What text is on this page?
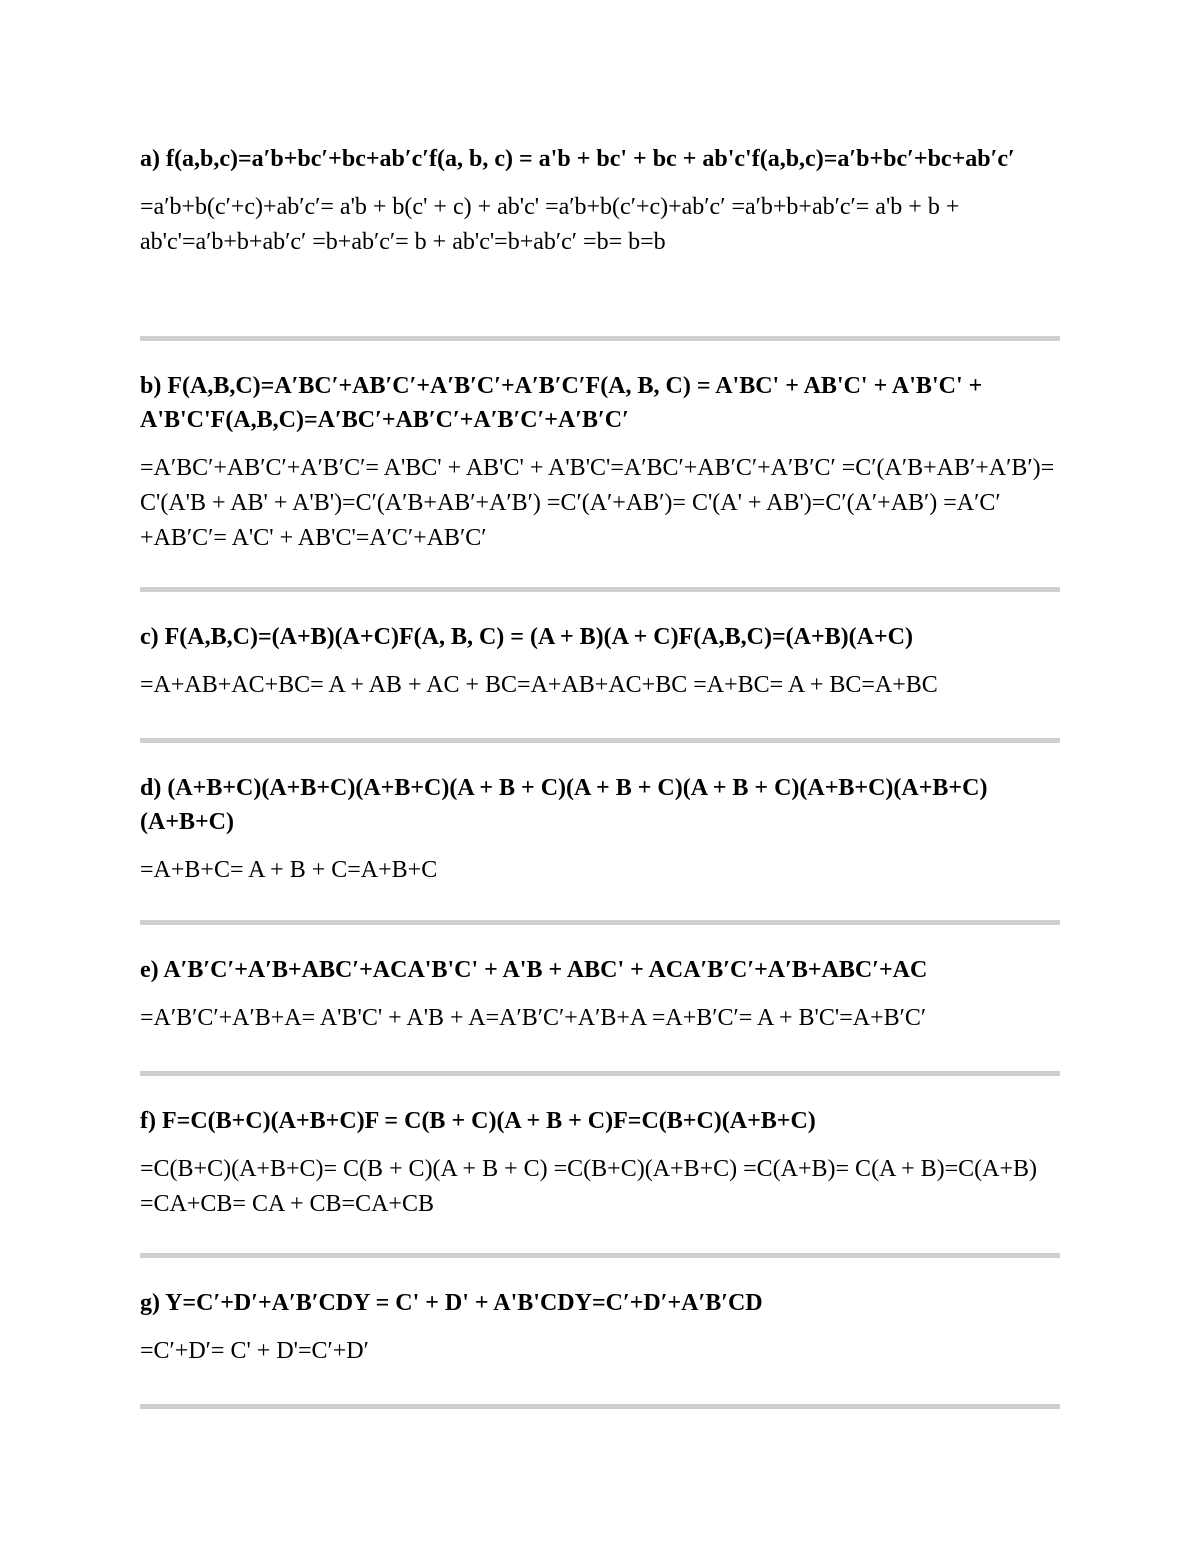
a) f(a,b,c)=a′b+bc′+bc+ab′c′f(a, b, c) = a'b + bc' + bc + ab'c'f(a,b,c)=a′b+bc′+bc+ab′c′

=a′b+b(c′+c)+ab′c′= a'b + b(c' + c) + ab'c' =a′b+b(c′+c)+ab′c′ =a′b+b+ab′c′= a'b + b + ab'c'=a′b+b+ab′c′ =b+ab′c′= b + ab'c'=b+ab′c′ =b= b=b

b) F(A,B,C)=A′BC′+AB′C′+A′B′C′+A′B′C′F(A, B, C) = A'BC' + AB'C' + A'B'C' + A'B'C'F(A,B,C)=A′BC′+AB′C′+A′B′C′+A′B′C′

=A′BC′+AB′C′+A′B′C′= A'BC' + AB'C' + A'B'C'=A′BC′+AB′C′+A′B′C′ =C′(A′B+AB′+A′B′)= C'(A'B + AB' + A'B')=C′(A′B+AB′+A′B′) =C′(A′+AB′)= C'(A' + AB')=C′(A′+AB′) =A′C′+AB′C′= A'C' + AB'C'=A′C′+AB′C′

c) F(A,B,C)=(A+B)(A+C)F(A, B, C) = (A + B)(A + C)F(A,B,C)=(A+B)(A+C)

=A+AB+AC+BC= A + AB + AC + BC=A+AB+AC+BC =A+BC= A + BC=A+BC

d) (A+B+C)(A+B+C)(A+B+C)(A + B + C)(A + B + C)(A + B + C)(A+B+C)(A+B+C)(A+B+C)

=A+B+C= A + B + C=A+B+C

e) A′B′C′+A′B+ABC′+ACA'B'C' + A'B + ABC' + ACA′B′C′+A′B+ABC′+AC

=A′B′C′+A′B+A= A'B'C' + A'B + A=A′B′C′+A′B+A =A+B′C′= A + B'C'=A+B′C′

f) F=C(B+C)(A+B+C)F = C(B + C)(A + B + C)F=C(B+C)(A+B+C)

=C(B+C)(A+B+C)= C(B + C)(A + B + C) =C(B+C)(A+B+C) =C(A+B)= C(A + B)=C(A+B) =CA+CB= CA + CB=CA+CB

g) Y=C′+D′+A′B′CDY = C' + D' + A'B'CDY=C′+D′+A′B′CD

=C′+D′= C' + D'=C′+D′
